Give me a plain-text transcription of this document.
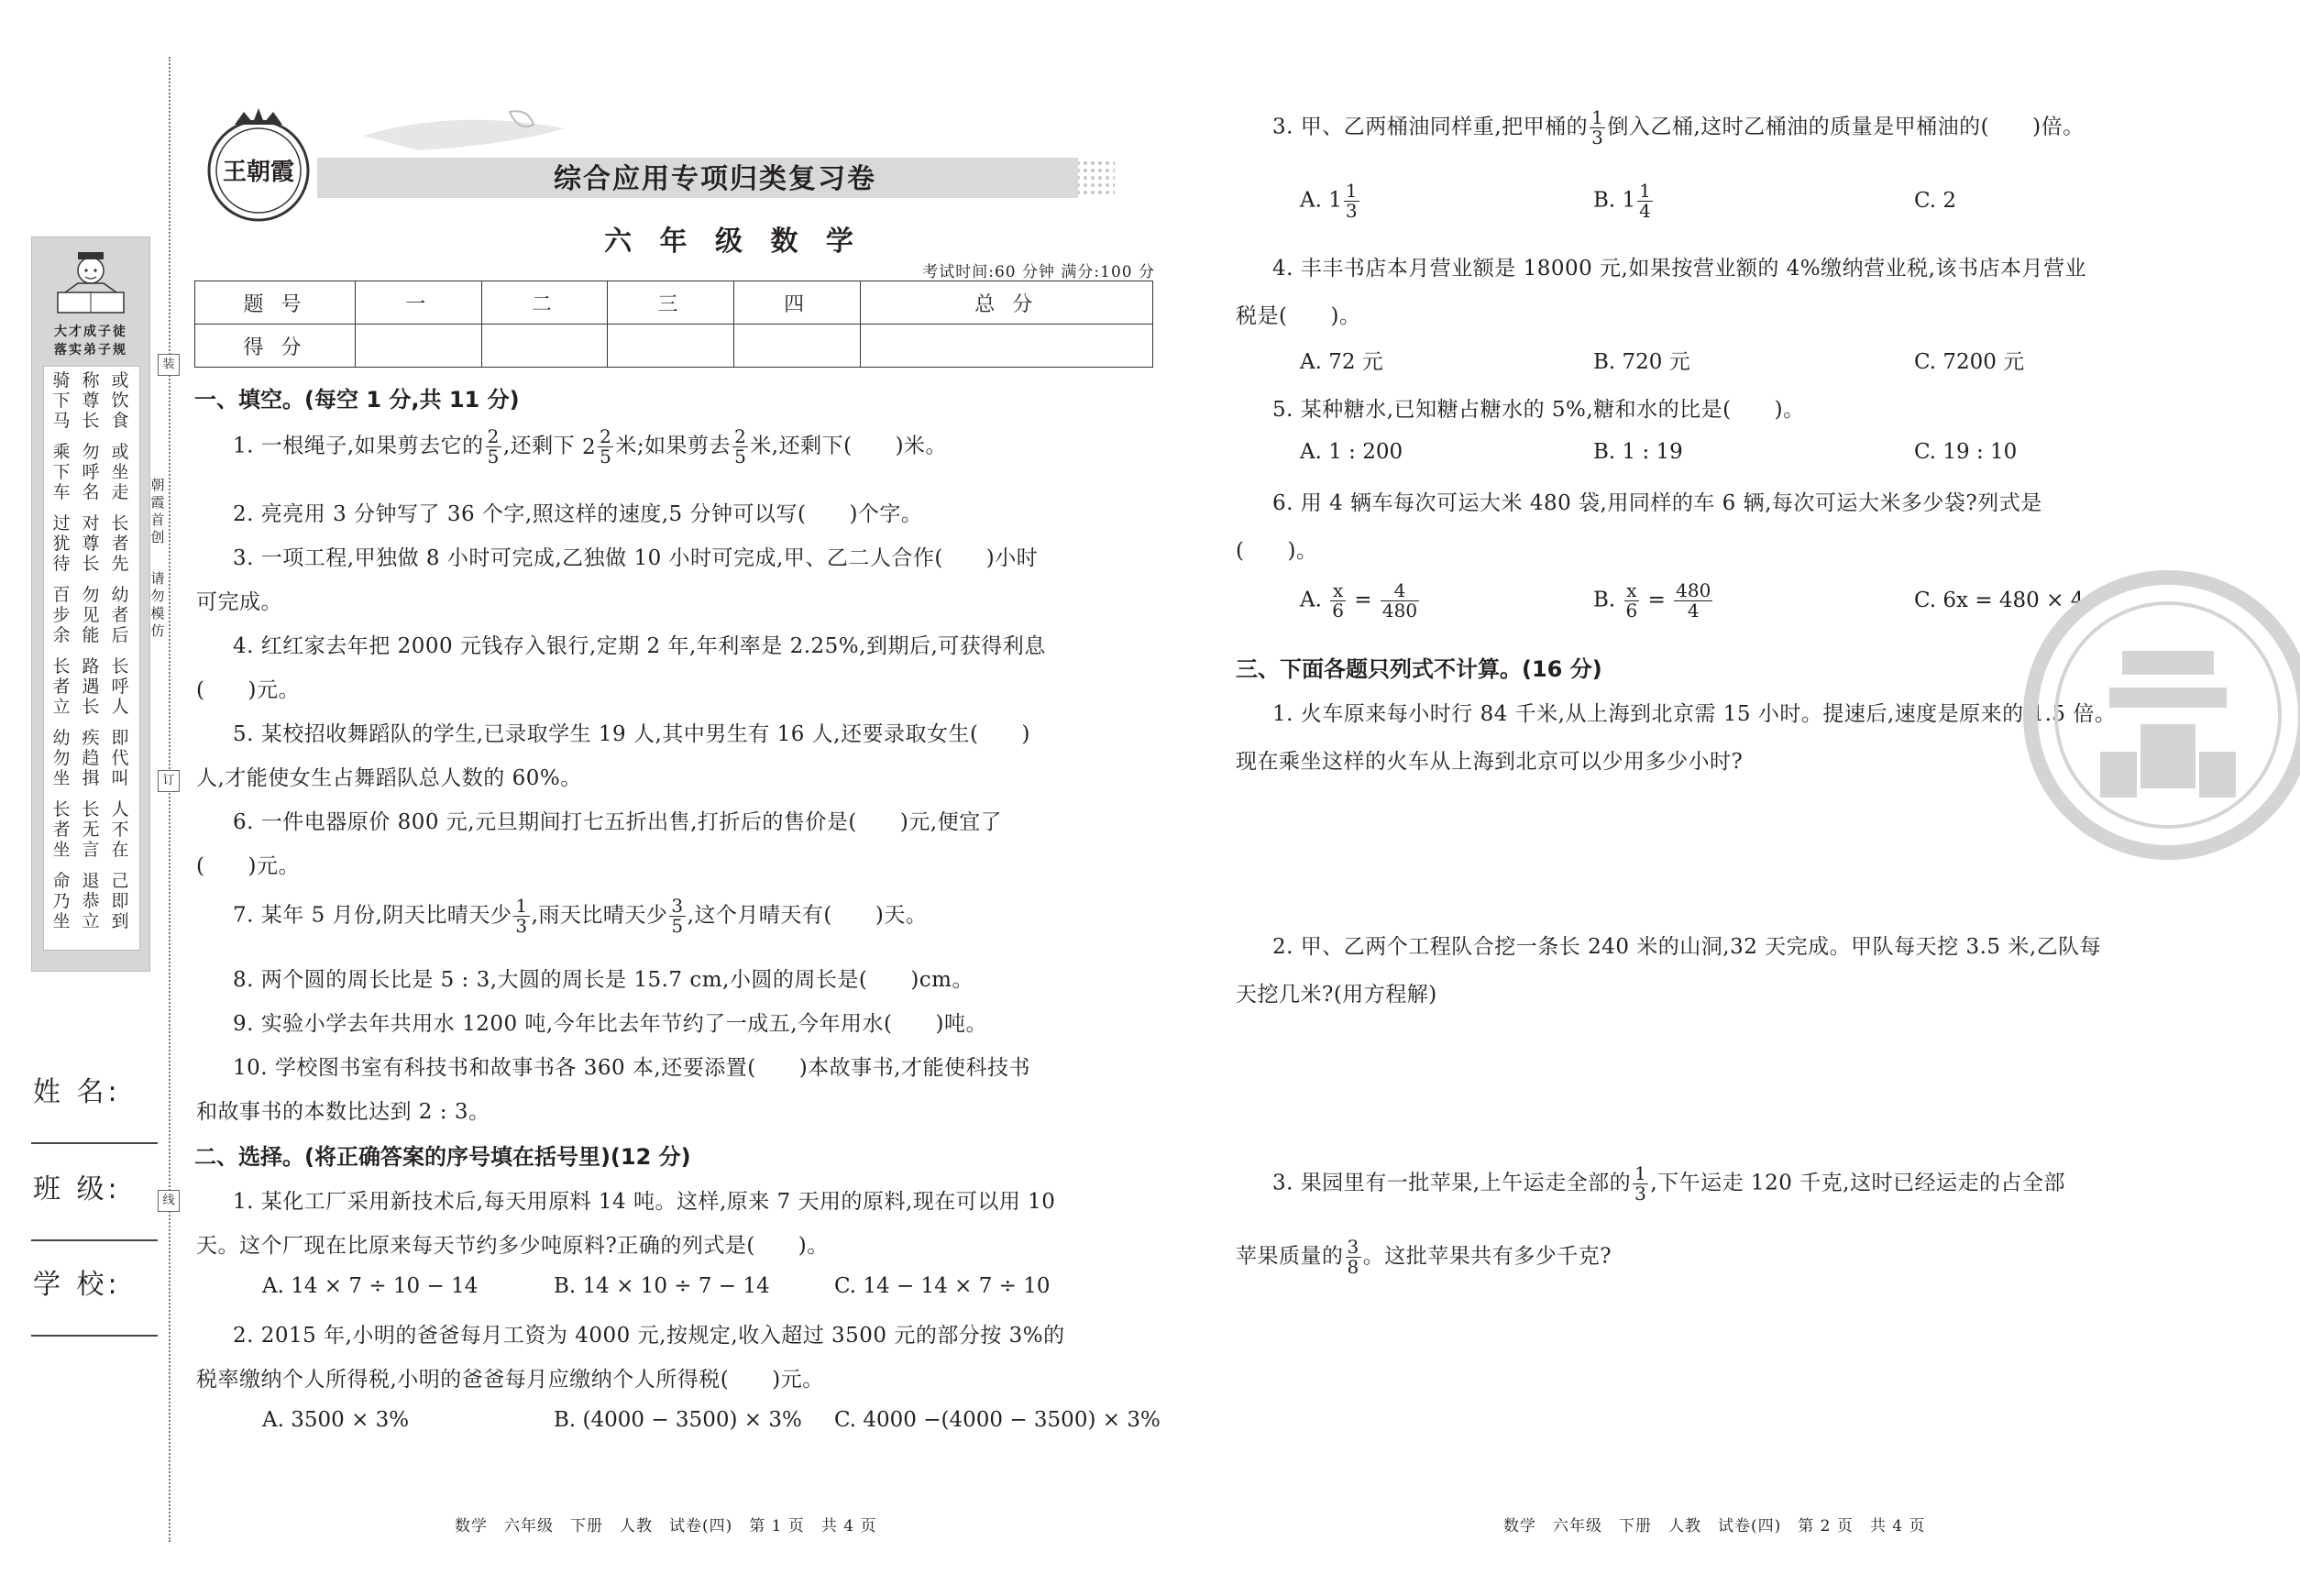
大才成子徒
落实弟子规
骑下马
称尊长
或饮食
乘下车
勿呼名
或坐走
过犹待
对尊长
长者先
百步余
勿见能
幼者后
长者立
路遇长
长呼人
幼勿坐
疾趋揖
即代叫
长者坐
长无言
人不在
命乃坐
退恭立
己即到
姓 名:
班 级:
学 校:
装
订
线
朝霞首创
请勿模仿
王朝霞	综合应用专项归类复习卷
六 年 级 数 学
考试时间:60 分钟 满分:100 分
题 号	一	二	三	四	总 分
得 分					
一、填空。(每空 1 分,共 11 分)
1. 一根绳子,如果剪去它的 $\frac{2}{5}$ ,还剩下 $2 \frac{2}{5}$ 米;如果剪去 $\frac{2}{5}$ 米,还剩下(　　)米。
2. 亮亮用 3 分钟写了 36 个字,照这样的速度,5 分钟可以写(　　)个字。
3. 一项工程,甲独做 8 小时可完成,乙独做 10 小时可完成,甲、乙二人合作(　　)小时
可完成。
4. 红红家去年把 2000 元钱存入银行,定期 2 年,年利率是 2.25%,到期后,可获得利息
(　　)元。
5. 某校招收舞蹈队的学生,已录取学生 19 人,其中男生有 16 人,还要录取女生(　　)
人,才能使女生占舞蹈队总人数的 60%。
6. 一件电器原价 800 元,元旦期间打七五折出售,打折后的售价是(　　)元,便宜了
(　　)元。
7. 某年 5 月份,阴天比晴天少 $\frac{1}{3}$ ,雨天比晴天少 $\frac{3}{5}$ ,这个月晴天有(　　)天。
8. 两个圆的周长比是 5 : 3,大圆的周长是 15.7 cm,小圆的周长是(　　)cm。
9. 实验小学去年共用水 1200 吨,今年比去年节约了一成五,今年用水(　　)吨。
10. 学校图书室有科技书和故事书各 360 本,还要添置(　　)本故事书,才能使科技书
和故事书的本数比达到 2 : 3。
二、选择。(将正确答案的序号填在括号里)(12 分)
1. 某化工厂采用新技术后,每天用原料 14 吨。这样,原来 7 天用的原料,现在可以用 10
天。这个厂现在比原来每天节约多少吨原料?正确的列式是(　　)。
A. 14 × 7 ÷ 10 − 14	B. 14 × 10 ÷ 7 − 14	C. 14 − 14 × 7 ÷ 10
2. 2015 年,小明的爸爸每月工资为 4000 元,按规定,收入超过 3500 元的部分按 3%的
税率缴纳个人所得税,小明的爸爸每月应缴纳个人所得税(　　)元。
A. 3500 × 3%	B. (4000 − 3500) × 3% C. 4000 −(4000 − 3500) × 3%
数学　六年级　下册　人教　试卷(四)　第 1 页　共 4 页
3. 甲、乙两桶油同样重,把甲桶的 $\frac{1}{3}$ 倒入乙桶,这时乙桶油的质量是甲桶油的(　　)倍。
A. $1 \frac{1}{3}$	B. $1 \frac{1}{4}$	C. 2
4. 丰丰书店本月营业额是 18000 元,如果按营业额的 4%缴纳营业税,该书店本月营业
税是(　　)。
A. 72 元	B. 720 元	C. 7200 元
5. 某种糖水,已知糖占糖水的 5%,糖和水的比是(　　)。
A. 1 : 200	B. 1 : 19	C. 19 : 10
6. 用 4 辆车每次可运大米 480 袋,用同样的车 6 辆,每次可运大米多少袋?列式是
(　　)。
A. $\frac{x}{6} = \frac{4}{480}$	B. $\frac{x}{6} = \frac{480}{4}$	C. 6x = 480 × 4
三、下面各题只列式不计算。(16 分)
1. 火车原来每小时行 84 千米,从上海到北京需 15 小时。提速后,速度是原来的 1.5 倍。
现在乘坐这样的火车从上海到北京可以少用多少小时?
2. 甲、乙两个工程队合挖一条长 240 米的山洞,32 天完成。甲队每天挖 3.5 米,乙队每
天挖几米?(用方程解)
3. 果园里有一批苹果,上午运走全部的 $\frac{1}{3}$ ,下午运走 120 千克,这时已经运走的占全部
苹果质量的 $\frac{3}{8}$ 。这批苹果共有多少千克?
数学　六年级　下册　人教　试卷(四)　第 2 页　共 4 页
